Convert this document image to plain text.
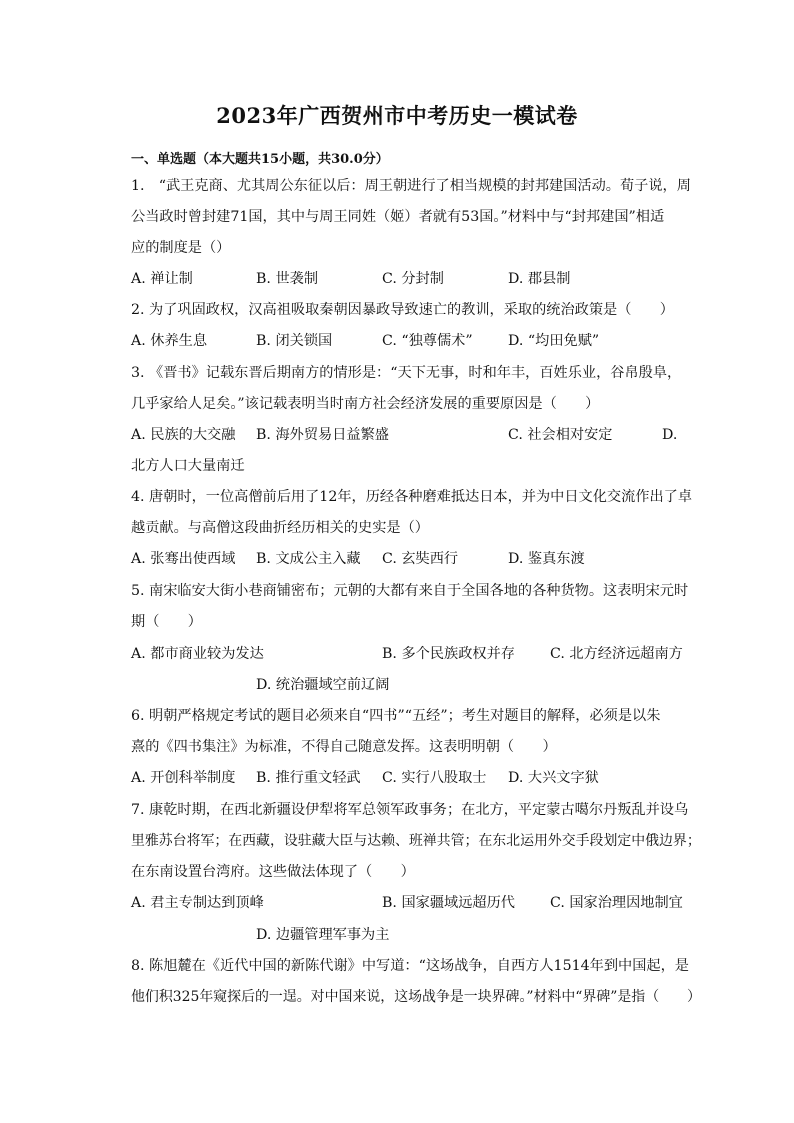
2023年广西贺州市中考历史一模试卷
一、单选题（本大题共15小题，共30.0分）
1.　“武王克商、尤其周公东征以后：周王朝进行了相当规模的封邦建国活动。荀子说，周
公当政时曾封建71国，其中与周王同姓（姬）者就有53国。”材料中与“封邦建国”相适
应的制度是（）
A. 禅让制	B. 世袭制	C. 分封制	D. 郡县制
2. 为了巩固政权，汉高祖吸取秦朝因暴政导致速亡的教训，采取的统治政策是（　　）
A. 休养生息	B. 闭关锁国	C. “独尊儒术” D. “均田免赋”
3. 《晋书》记载东晋后期南方的情形是：“天下无事，时和年丰，百姓乐业，谷帛殷阜，
几乎家给人足矣。”该记载表明当时南方社会经济发展的重要原因是（　　）
A. 民族的大交融 B. 海外贸易日益繁盛	C. 社会相对安定	D.
北方人口大量南迁
4. 唐朝时，一位高僧前后用了12年，历经各种磨难抵达日本，并为中日文化交流作出了卓
越贡献。与高僧这段曲折经历相关的史实是（）
A. 张骞出使西域 B. 文成公主入藏 C. 玄奘西行	D. 鉴真东渡
5. 南宋临安大街小巷商铺密布；元朝的大都有来自于全国各地的各种货物。这表明宋元时
期（　　）
A. 都市商业较为发达	B. 多个民族政权并存 C. 北方经济远超南方
D. 统治疆域空前辽阔
6. 明朝严格规定考试的题目必须来自“四书”“五经”；考生对题目的解释，必须是以朱
熹的《四书集注》为标准，不得自己随意发挥。这表明明朝（　　）
A. 开创科举制度 B. 推行重文轻武 C. 实行八股取士 D. 大兴文字狱
7. 康乾时期，在西北新疆设伊犁将军总领军政事务；在北方，平定蒙古噶尔丹叛乱并设乌
里雅苏台将军；在西藏，设驻藏大臣与达赖、班禅共管；在东北运用外交手段划定中俄边界；
在东南设置台湾府。这些做法体现了（　　）
A. 君主专制达到顶峰	B. 国家疆域远超历代 C. 国家治理因地制宜
D. 边疆管理军事为主
8. 陈旭麓在《近代中国的新陈代谢》中写道：“这场战争，自西方人1514年到中国起，是
他们积325年窥探后的一逞。对中国来说，这场战争是一块界碑。”材料中“界碑”是指（　　）
